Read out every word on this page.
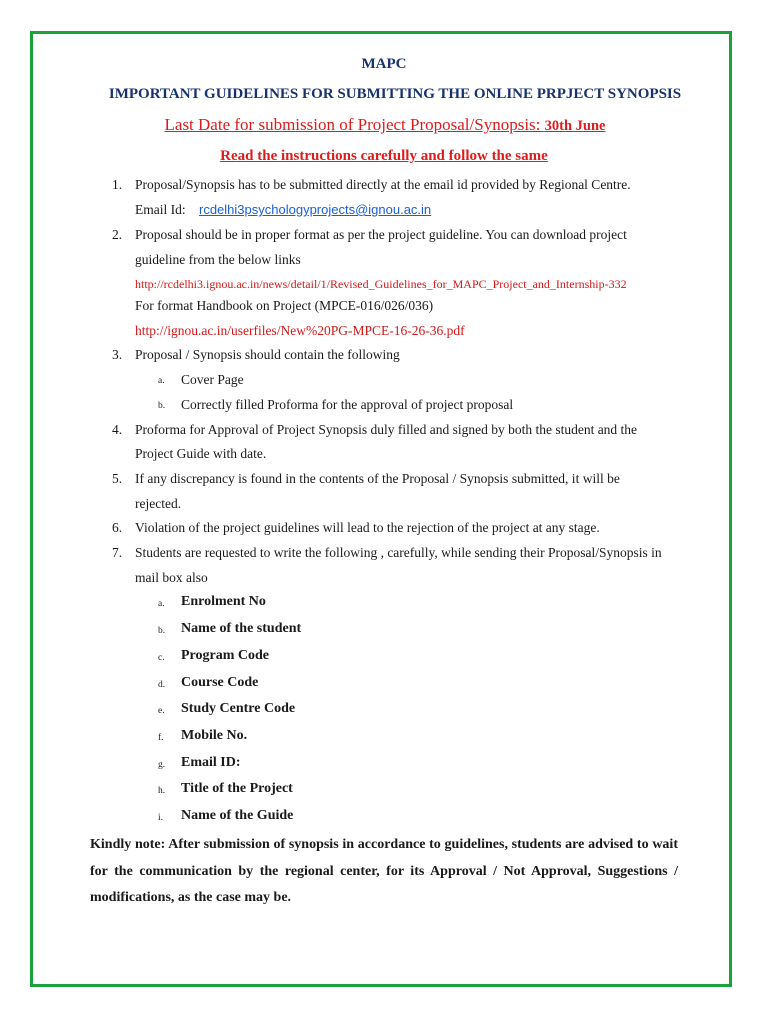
MAPC
IMPORTANT GUIDELINES FOR SUBMITTING THE ONLINE PRPJECT SYNOPSIS
Last Date for submission of Project Proposal/Synopsis: 30th June
Read the instructions carefully and follow the same
1. Proposal/Synopsis has to be submitted directly at the email id provided by Regional Centre.
Email Id: rcdelhi3psychologyprojects@ignou.ac.in
2. Proposal should be in proper format as per the project guideline. You can download project
guideline from the below links
http://rcdelhi3.ignou.ac.in/news/detail/1/Revised_Guidelines_for_MAPC_Project_and_Internship-332
For format Handbook on Project (MPCE-016/026/036)
http://ignou.ac.in/userfiles/New%20PG-MPCE-16-26-36.pdf
3. Proposal / Synopsis should contain the following
a. Cover Page
b. Correctly filled Proforma for the approval of project proposal
4. Proforma for Approval of Project Synopsis duly filled and signed by both the student and the
Project Guide with date.
5. If any discrepancy is found in the contents of the Proposal / Synopsis submitted, it will be
rejected.
6. Violation of the project guidelines will lead to the rejection of the project at any stage.
7. Students are requested to write the following , carefully, while sending their Proposal/Synopsis in
mail box also
a. Enrolment No
b. Name of the student
c. Program Code
d. Course Code
e. Study Centre Code
f. Mobile No.
g. Email ID:
h. Title of the Project
i. Name of the Guide
Kindly note: After submission of synopsis in accordance to guidelines, students are advised to wait for the communication by the regional center, for its Approval / Not Approval, Suggestions / modifications, as the case may be.
